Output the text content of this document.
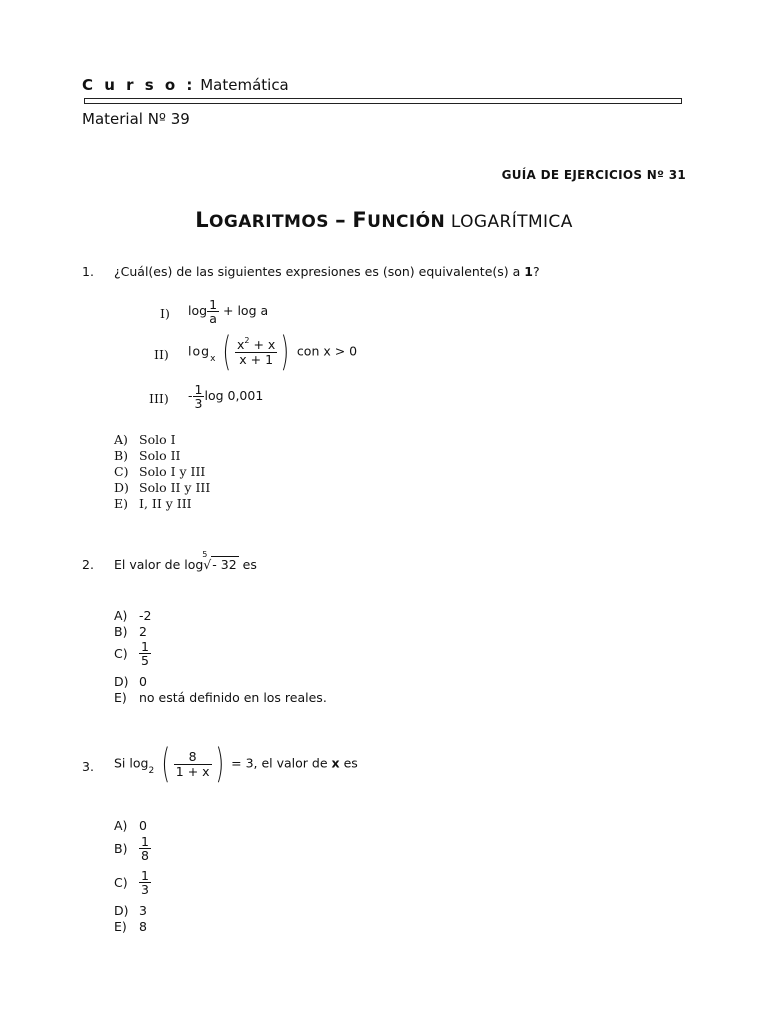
C u r s o : Matemática
Material Nº 39
GUÍA DE EJERCICIOS Nº 31
LOGARITMOS – FUNCIÓN LOGARÍTMICA
1. ¿Cuál(es) de las siguientes expresiones es (son) equivalente(s) a 1?
I) $\log \frac{1}{a} + \log a$
II) $\log_x$ ( $\frac{x^2 + x}{x + 1}$ ) con x > 0
$III) - \frac{1}{3}$ log 0,001
A) Solo I
B) Solo II
C) Solo I y III
D) Solo II y III
E) I, II y III
2. El valor de log
5
√- 32 es
A) -2
B) 2
$C) \frac{1}{5}$
D) 0
E) no está definido en los reales.
3. Si $\log_2$ ( $\frac{8}{1 + x}$ ) = 3, el valor de x es
A) 0
$B) \frac{1}{8}$
$C) \frac{1}{3}$
D) 3
E) 8
